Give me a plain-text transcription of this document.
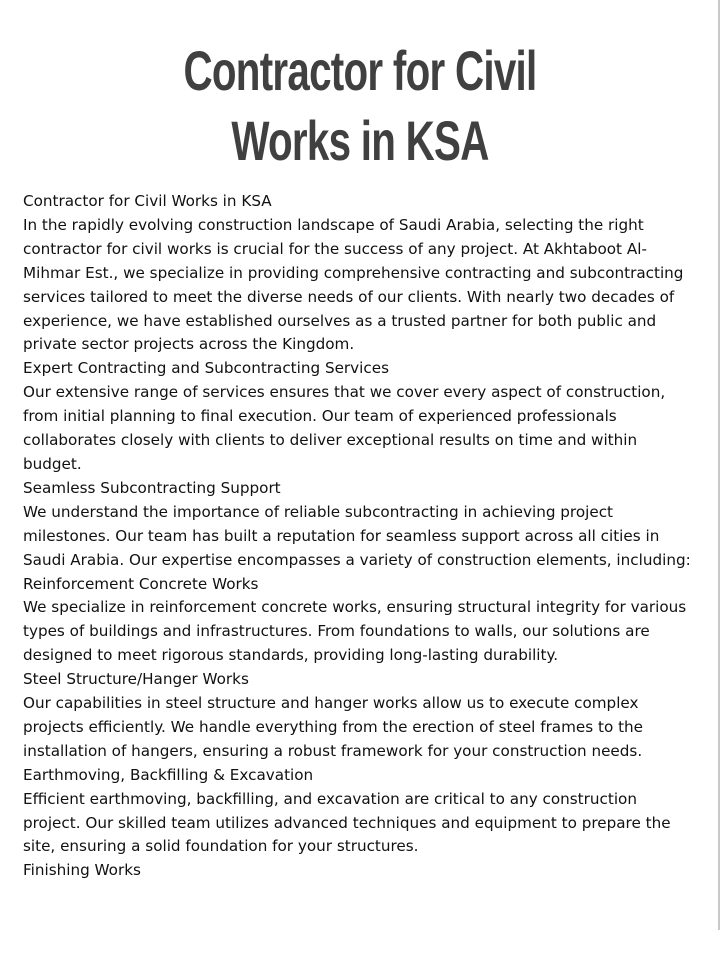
Contractor for Civil
Works in KSA

Contractor for Civil Works in KSA

In the rapidly evolving construction landscape of Saudi Arabia, selecting the right contractor for civil works is crucial for the success of any project. At Akhtaboot Al-Mihmar Est., we specialize in providing comprehensive contracting and subcontracting services tailored to meet the diverse needs of our clients. With nearly two decades of experience, we have established ourselves as a trusted partner for both public and private sector projects across the Kingdom.

Expert Contracting and Subcontracting Services

Our extensive range of services ensures that we cover every aspect of construction, from initial planning to final execution. Our team of experienced professionals collaborates closely with clients to deliver exceptional results on time and within budget.

Seamless Subcontracting Support

We understand the importance of reliable subcontracting in achieving project milestones. Our team has built a reputation for seamless support across all cities in Saudi Arabia. Our expertise encompasses a variety of construction elements, including:

Reinforcement Concrete Works

We specialize in reinforcement concrete works, ensuring structural integrity for various types of buildings and infrastructures. From foundations to walls, our solutions are designed to meet rigorous standards, providing long-lasting durability.

Steel Structure/Hanger Works

Our capabilities in steel structure and hanger works allow us to execute complex projects efficiently. We handle everything from the erection of steel frames to the installation of hangers, ensuring a robust framework for your construction needs.

Earthmoving, Backfilling & Excavation

Efficient earthmoving, backfilling, and excavation are critical to any construction project. Our skilled team utilizes advanced techniques and equipment to prepare the site, ensuring a solid foundation for your structures.

Finishing Works
